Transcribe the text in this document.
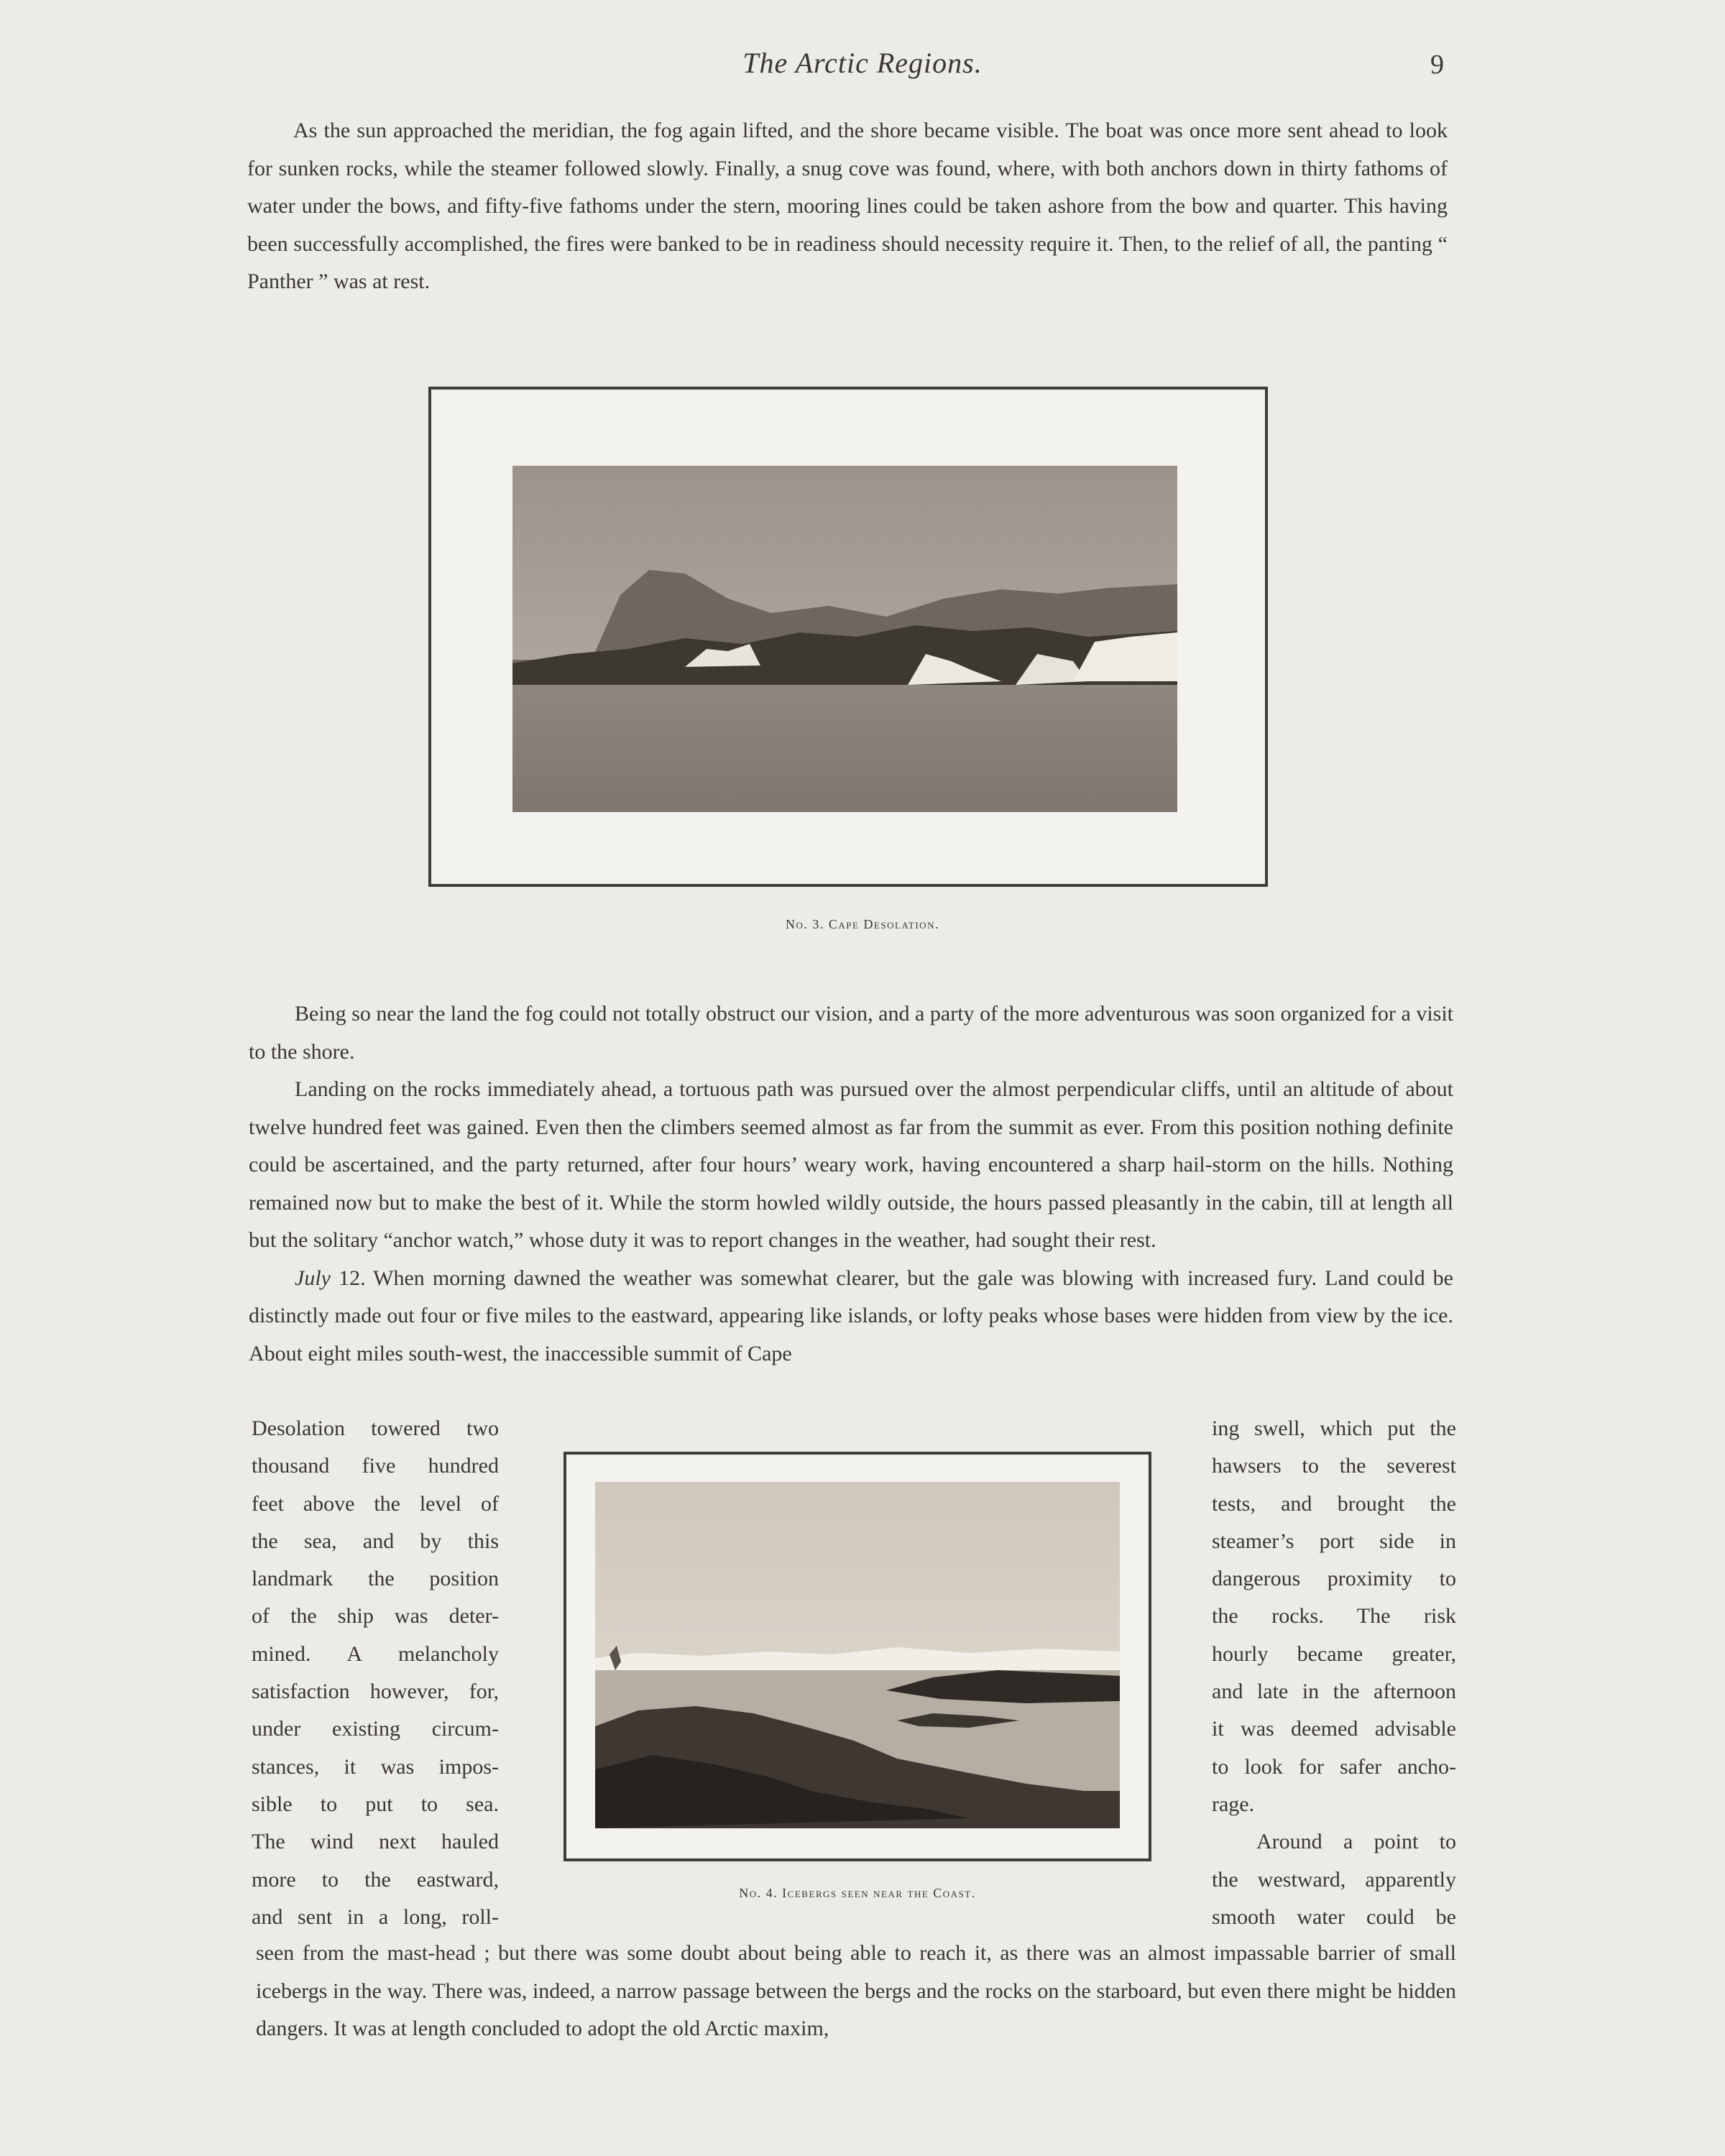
The Arctic Regions.	9

As the sun approached the meridian, the fog again lifted, and the shore became visible. The boat was once more sent ahead to look for sunken rocks, while the steamer followed slowly. Finally, a snug cove was found, where, with both anchors down in thirty fathoms of water under the bows, and fifty-five fathoms under the stern, mooring lines could be taken ashore from the bow and quarter. This having been successfully accomplished, the fires were banked to be in readiness should necessity require it. Then, to the relief of all, the panting “ Panther ” was at rest.

No. 3. Cape Desolation.

Being so near the land the fog could not totally obstruct our vision, and a party of the more adventurous was soon organized for a visit to the shore.

Landing on the rocks immediately ahead, a tortuous path was pursued over the almost perpendicular cliffs, until an altitude of about twelve hundred feet was gained. Even then the climbers seemed almost as far from the summit as ever. From this position nothing definite could be ascertained, and the party returned, after four hours’ weary work, having encountered a sharp hail-storm on the hills. Nothing remained now but to make the best of it. While the storm howled wildly outside, the hours passed pleasantly in the cabin, till at length all but the solitary “anchor watch,” whose duty it was to report changes in the weather, had sought their rest.

July 12. When morning dawned the weather was somewhat clearer, but the gale was blowing with increased fury. Land could be distinctly made out four or five miles to the eastward, appearing like islands, or lofty peaks whose bases were hidden from view by the ice. About eight miles south-west, the inaccessible summit of Cape

Desolation towered two
thousand five hundred
feet above the level of
the sea, and by this
landmark the position
of the ship was deter-
mined. A melancholy
satisfaction however, for,
under existing circum-
stances, it was impos-
sible to put to sea.
The wind next hauled
more to the eastward,
and sent in a long, roll-
ing swell, which put the
hawsers to the severest
tests, and brought the
steamer’s port side in
dangerous proximity to
the rocks. The risk
hourly became greater,
and late in the afternoon
it was deemed advisable
to look for safer ancho-
rage.
Around a point to
the westward, apparently
smooth water could be
No. 4. Icebergs seen near the Coast.

seen from the mast-head ; but there was some doubt about being able to reach it, as there was an almost impassable barrier of small icebergs in the way. There was, indeed, a narrow passage between the bergs and the rocks on the starboard, but even there might be hidden dangers. It was at length concluded to adopt the old Arctic maxim,
